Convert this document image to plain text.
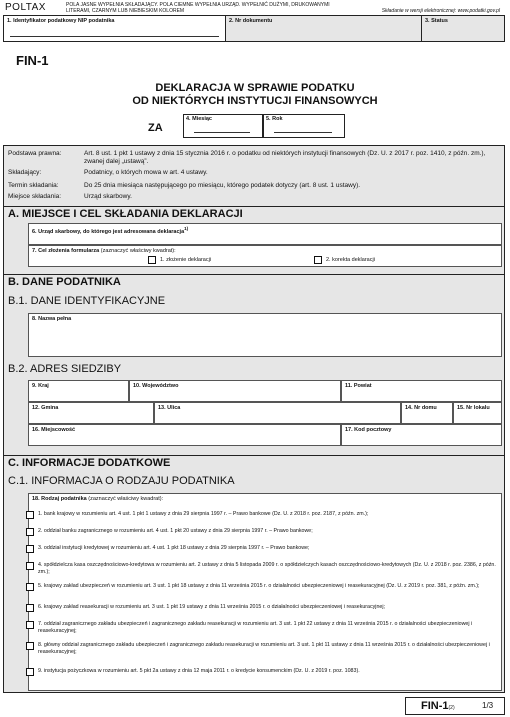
POLTAX	POLA JASNE WYPEŁNIA SKŁADAJĄCY. POLA CIEMNE WYPEŁNIA URZĄD. WYPEŁNIĆ DUŻYMI, DRUKOWANYMI LITERAMI, CZARNYM LUB NIEBIESKIM KOLOREM	Składanie w wersji elektronicznej: www.podatki.gov.pl
1. Identyfikator podatkowy NIP podatnika	2. Nr dokumentu	3. Status
FIN-1
DEKLARACJA W SPRAWIE PODATKU
OD NIEKTÓRYCH INSTYTUCJI FINANSOWYCH
ZA
4. Miesiąc	5. Rok
Podstawa prawna:	Art. 8 ust. 1 pkt 1 ustawy z dnia 15 stycznia 2016 r. o podatku od niektórych instytucji finansowych (Dz. U. z 2017 r. poz. 1410, z późn. zm.), zwanej dalej „ustawą”.
Składający:	Podatnicy, o których mowa w art. 4 ustawy.
Termin składania:	Do 25 dnia miesiąca następującego po miesiącu, którego podatek dotyczy (art. 8 ust. 1 ustawy).
Miejsce składania:	Urząd skarbowy.
A. MIEJSCE I CEL SKŁADANIA DEKLARACJI
6. Urząd skarbowy, do którego jest adresowana deklaracja$^{1)}$
7. Cel złożenia formularza (zaznaczyć właściwy kwadrat):
1. złożenie deklaracji	2. korekta deklaracji
B. DANE PODATNIKA
B.1. DANE IDENTYFIKACYJNE
8. Nazwa pełna
B.2. ADRES SIEDZIBY
9. Kraj	10. Województwo	11. Powiat
12. Gmina	13. Ulica	14. Nr domu	15. Nr lokalu
16. Miejscowość	17. Kod pocztowy
C. INFORMACJE DODATKOWE
C.1. INFORMACJA O RODZAJU PODATNIKA
18. Rodzaj podatnika (zaznaczyć właściwy kwadrat):
1. bank krajowy w rozumieniu art. 4 ust. 1 pkt 1 ustawy z dnia 29 sierpnia 1997 r. – Prawo bankowe (Dz. U. z 2018 r. poz. 2187, z późn. zm.);
2. oddział banku zagranicznego w rozumieniu art. 4 ust. 1 pkt 20 ustawy z dnia 29 sierpnia 1997 r. – Prawo bankowe;
3. oddział instytucji kredytowej w rozumieniu art. 4 ust. 1 pkt 18 ustawy z dnia 29 sierpnia 1997 r. – Prawo bankowe;
4. spółdzielcza kasa oszczędnościowo-kredytowa w rozumieniu art. 2 ustawy z dnia 5 listopada 2009 r. o spółdzielczych kasach oszczędnościowo-kredytowych (Dz. U. z 2018 r. poz. 2386, z późn. zm.);
5. krajowy zakład ubezpieczeń w rozumieniu art. 3 ust. 1 pkt 18 ustawy z dnia 11 września 2015 r. o działalności ubezpieczeniowej i reasekuracyjnej (Dz. U. z 2019 r. poz. 381, z późn. zm.);
6. krajowy zakład reasekuracji w rozumieniu art. 3 ust. 1 pkt 19 ustawy z dnia 11 września 2015 r. o działalności ubezpieczeniowej i reasekuracyjnej;
7. oddział zagranicznego zakładu ubezpieczeń i zagranicznego zakładu reasekuracji w rozumieniu art. 3 ust. 1 pkt 22 ustawy z dnia 11 września 2015 r. o działalności ubezpieczeniowej i reasekuracyjnej;
8. główny oddział zagranicznego zakładu ubezpieczeń i zagranicznego zakładu reasekuracji w rozumieniu art. 3 ust. 1 pkt 11 ustawy z dnia 11 września 2015 r. o działalności ubezpieczeniowej i reasekuracyjnej;
9. instytucja pożyczkowa w rozumieniu art. 5 pkt 2a ustawy z dnia 12 maja 2011 r. o kredycie konsumenckim (Dz. U. z 2019 r. poz. 1083).
FIN-1(2)	1/3
